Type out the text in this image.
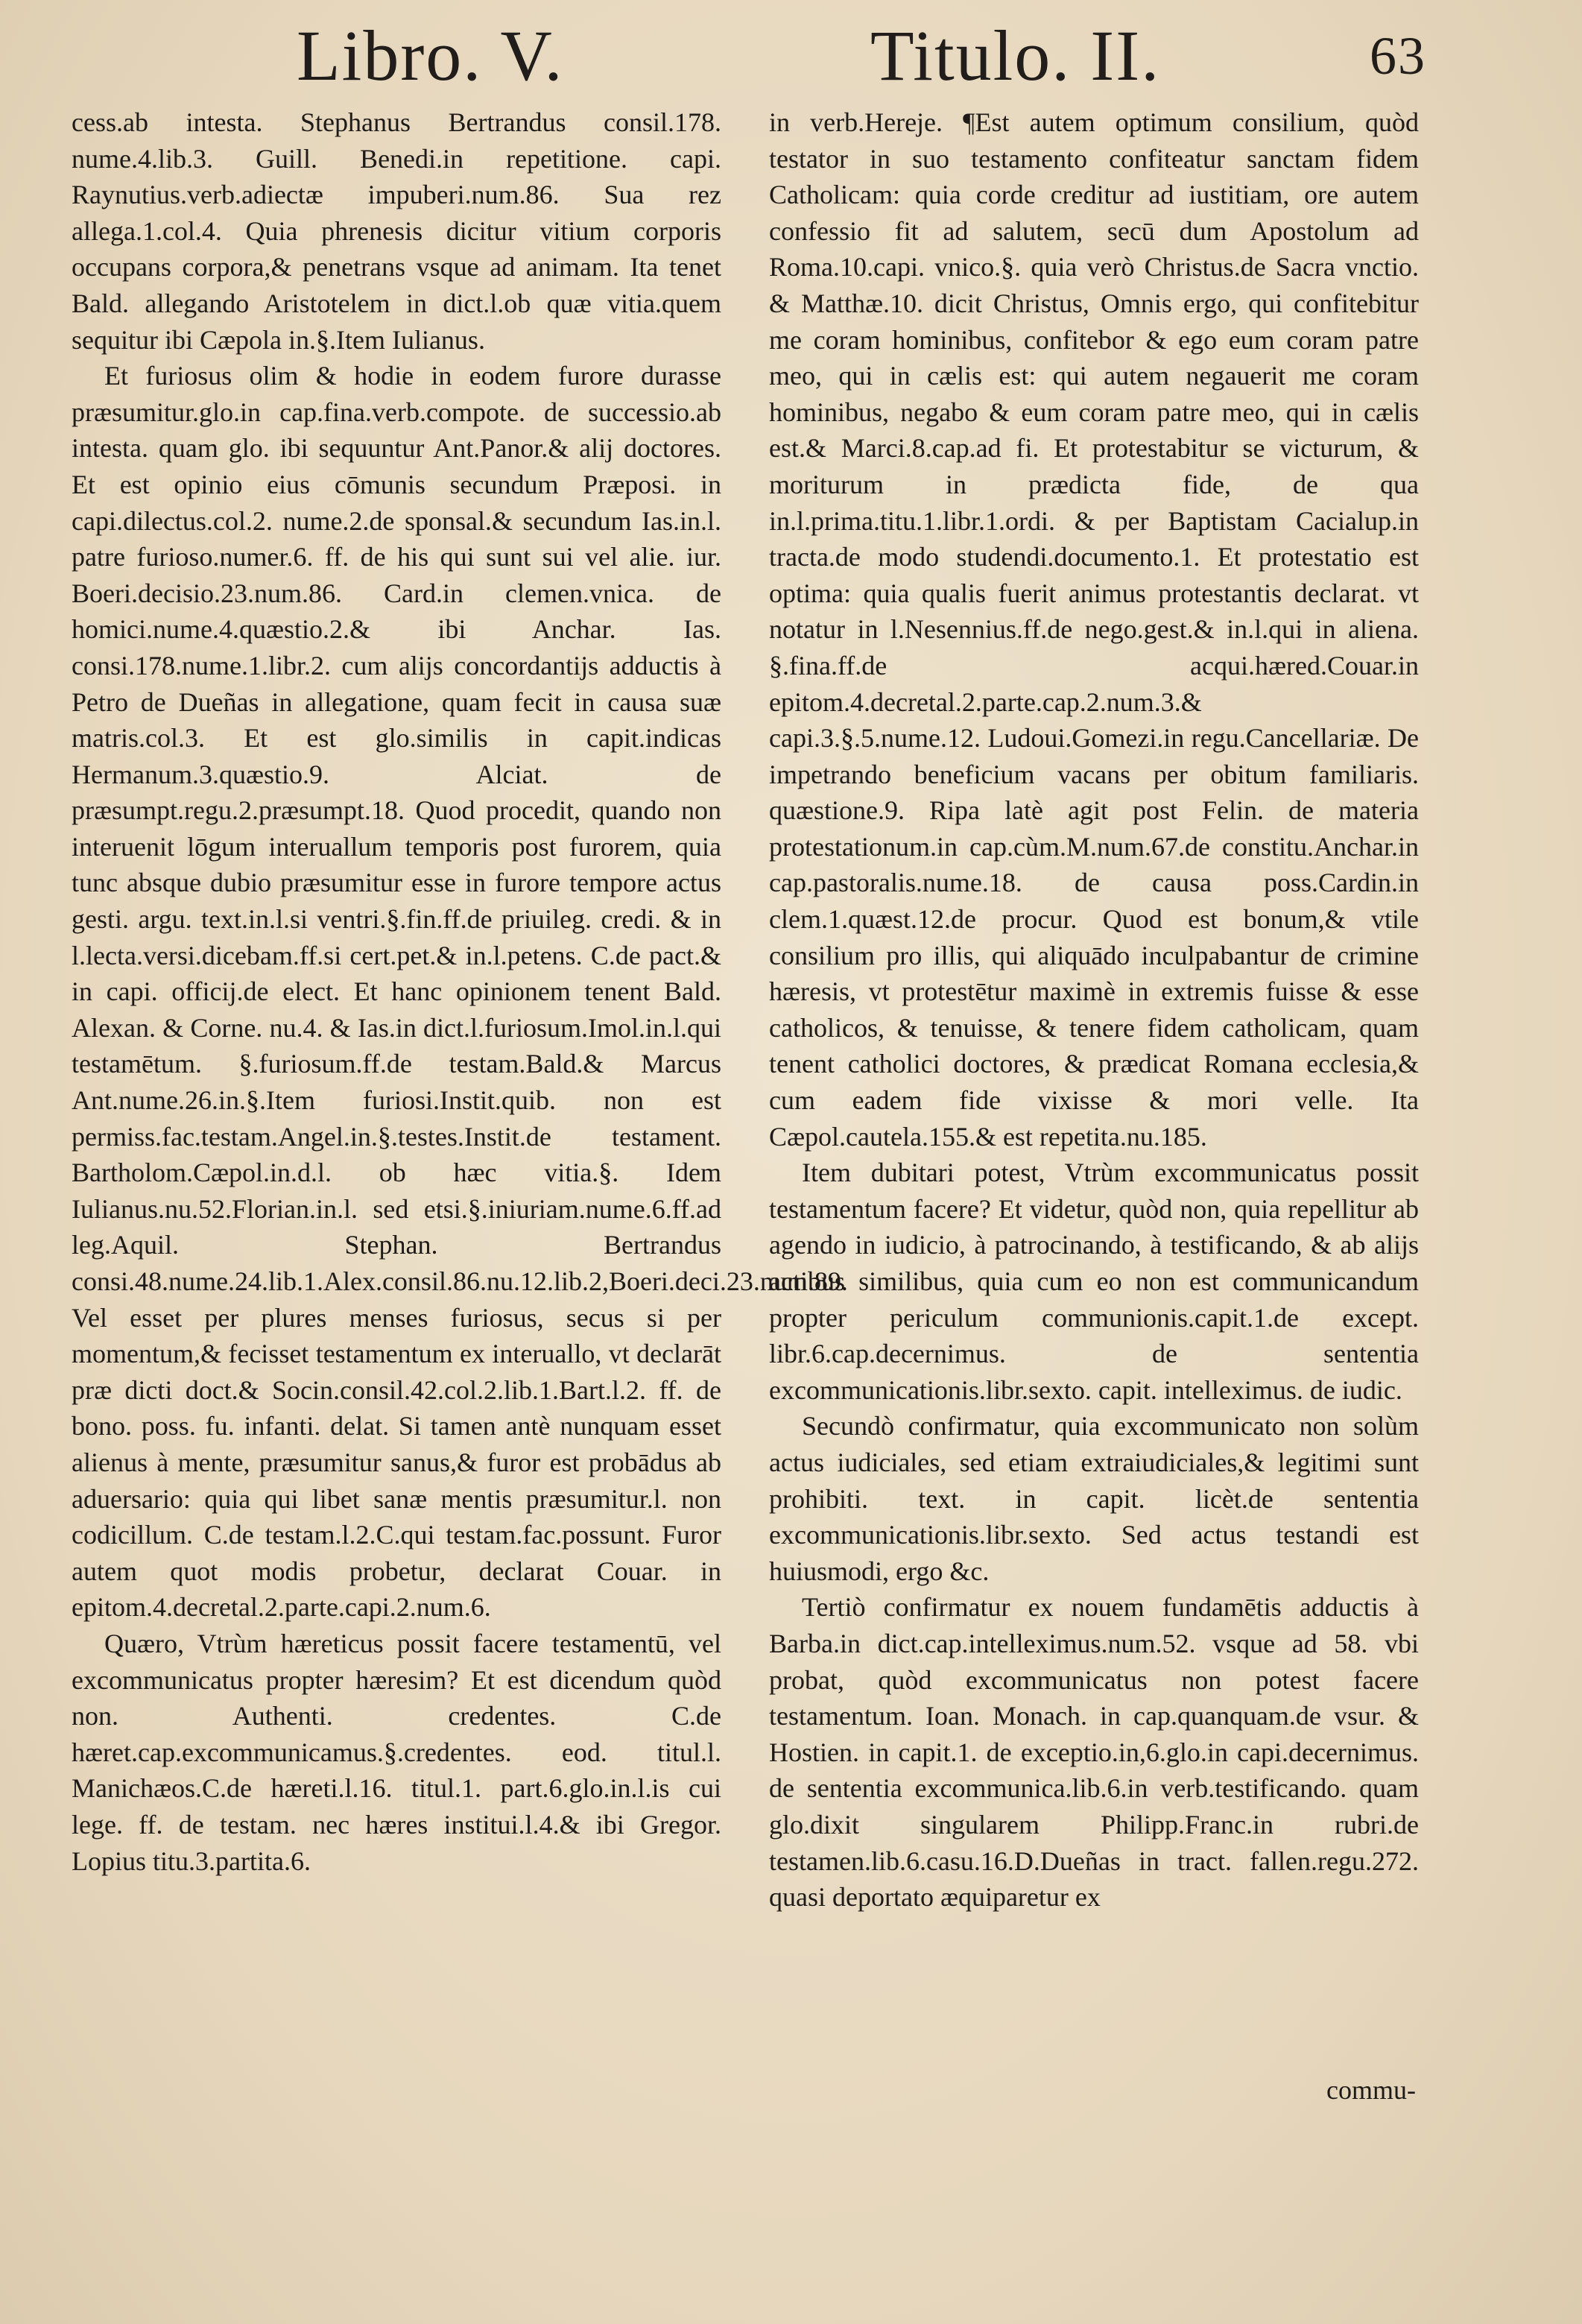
Libro. V.	Titulo. II.	63

cess.ab intesta. Stephanus Bertrandus consil.178. nume.4.lib.3. Guill. Benedi.in repetitione. capi. Raynutius.verb.adiectæ impuberi.num.86. Sua rez allega.1.col.4. Quia phrenesis dicitur vitium corporis occupans corpora,& penetrans vsque ad animam. Ita tenet Bald. allegando Aristotelem in dict.l.ob quæ vitia.quem sequitur ibi Cæpola in.§.Item Iulianus.

Et furiosus olim & hodie in eodem furore durasse præsumitur.glo.in cap.fina.verb.compote. de successio.ab intesta. quam glo. ibi sequuntur Ant.Panor.& alij doctores. Et est opinio eius cōmunis secundum Præposi. in capi.dilectus.col.2. nume.2.de sponsal.& secundum Ias.in.l. patre furioso.numer.6. ff. de his qui sunt sui vel alie. iur. Boeri.decisio.23.num.86. Card.in clemen.vnica. de homici.nume.4.quæstio.2.& ibi Anchar. Ias. consi.178.nume.1.libr.2. cum alijs concordantijs adductis à Petro de Dueñas in allegatione, quam fecit in causa suæ matris.col.3. Et est glo.similis in capit.indicas Hermanum.3.quæstio.9. Alciat. de præsumpt.regu.2.præsumpt.18. Quod procedit, quando non interuenit lōgum interuallum temporis post furorem, quia tunc absque dubio præsumitur esse in furore tempore actus gesti. argu. text.in.l.si ventri.§.fin.ff.de priuileg. credi. & in l.lecta.versi.dicebam.ff.si cert.pet.& in.l.petens. C.de pact.& in capi. officij.de elect. Et hanc opinionem tenent Bald. Alexan. & Corne. nu.4. & Ias.in dict.l.furiosum.Imol.in.l.qui testamētum. §.furiosum.ff.de testam.Bald.& Marcus Ant.nume.26.in.§.Item furiosi.Instit.quib. non est permiss.fac.testam.Angel.in.§.testes.Instit.de testament. Bartholom.Cæpol.in.d.l. ob hæc vitia.§. Idem Iulianus.nu.52.Florian.in.l. sed etsi.§.iniuriam.nume.6.ff.ad leg.Aquil. Stephan. Bertrandus consi.48.nume.24.lib.1.Alex.consil.86.nu.12.lib.2,Boeri.deci.23.num.89. Vel esset per plures menses furiosus, secus si per momentum,& fecisset testamentum ex interuallo, vt declarāt præ dicti doct.& Socin.consil.42.col.2.lib.1.Bart.l.2. ff. de bono. poss. fu. infanti. delat. Si tamen antè nunquam esset alienus à mente, præsumitur sanus,& furor est probādus ab aduersario: quia qui libet sanæ mentis præsumitur.l. non codicillum. C.de testam.l.2.C.qui testam.fac.possunt. Furor autem quot modis probetur, declarat Couar. in epitom.4.decretal.2.parte.capi.2.num.6.

Quæro, Vtrùm hæreticus possit facere testamentū, vel excommunicatus propter hæresim? Et est dicendum quòd non. Authenti. credentes. C.de hæret.cap.excommunicamus.§.credentes. eod. titul.l. Manichæos.C.de hæreti.l.16. titul.1. part.6.glo.in.l.is cui lege. ff. de testam. nec hæres institui.l.4.& ibi Gregor. Lopius titu.3.partita.6.

in verb.Hereje. ¶Est autem optimum consilium, quòd testator in suo testamento confiteatur sanctam fidem Catholicam: quia corde creditur ad iustitiam, ore autem confessio fit ad salutem, secū dum Apostolum ad Roma.10.capi. vnico.§. quia verò Christus.de Sacra vnctio. & Matthæ.10. dicit Christus, Omnis ergo, qui confitebitur me coram hominibus, confitebor & ego eum coram patre meo, qui in cælis est: qui autem negauerit me coram hominibus, negabo & eum coram patre meo, qui in cælis est.& Marci.8.cap.ad fi. Et protestabitur se victurum, & moriturum in prædicta fide, de qua in.l.prima.titu.1.libr.1.ordi. & per Baptistam Cacialup.in tracta.de modo studendi.documento.1. Et protestatio est optima: quia qualis fuerit animus protestantis declarat. vt notatur in l.Nesennius.ff.de nego.gest.& in.l.qui in aliena. §.fina.ff.de acqui.hæred.Couar.in epitom.4.decretal.2.parte.cap.2.num.3.& capi.3.§.5.nume.12. Ludoui.Gomezi.in regu.Cancellariæ. De impetrando beneficium vacans per obitum familiaris. quæstione.9. Ripa latè agit post Felin. de materia protestationum.in cap.cùm.M.num.67.de constitu.Anchar.in cap.pastoralis.nume.18. de causa poss.Cardin.in clem.1.quæst.12.de procur. Quod est bonum,& vtile consilium pro illis, qui aliquādo inculpabantur de crimine hæresis, vt protestētur maximè in extremis fuisse & esse catholicos, & tenuisse, & tenere fidem catholicam, quam tenent catholici doctores, & prædicat Romana ecclesia,& cum eadem fide vixisse & mori velle. Ita Cæpol.cautela.155.& est repetita.nu.185.

Item dubitari potest, Vtrùm excommunicatus possit testamentum facere? Et videtur, quòd non, quia repellitur ab agendo in iudicio, à patrocinando, à testificando, & ab alijs actibus similibus, quia cum eo non est communicandum propter periculum communionis.capit.1.de except. libr.6.cap.decernimus. de sententia excommunicationis.libr.sexto. capit. intelleximus. de iudic.

Secundò confirmatur, quia excommunicato non solùm actus iudiciales, sed etiam extraiudiciales,& legitimi sunt prohibiti. text. in capit. licèt.de sententia excommunicationis.libr.sexto. Sed actus testandi est huiusmodi, ergo &c.

Tertiò confirmatur ex nouem fundamētis adductis à Barba.in dict.cap.intelleximus.num.52. vsque ad 58. vbi probat, quòd excommunicatus non potest facere testamentum. Ioan. Monach. in cap.quanquam.de vsur. & Hostien. in capit.1. de exceptio.in,6.glo.in capi.decernimus. de sententia excommunica.lib.6.in verb.testificando. quam glo.dixit singularem Philipp.Franc.in rubri.de testamen.lib.6.casu.16.D.Dueñas in tract. fallen.regu.272. quasi deportato æquiparetur ex

commu-
